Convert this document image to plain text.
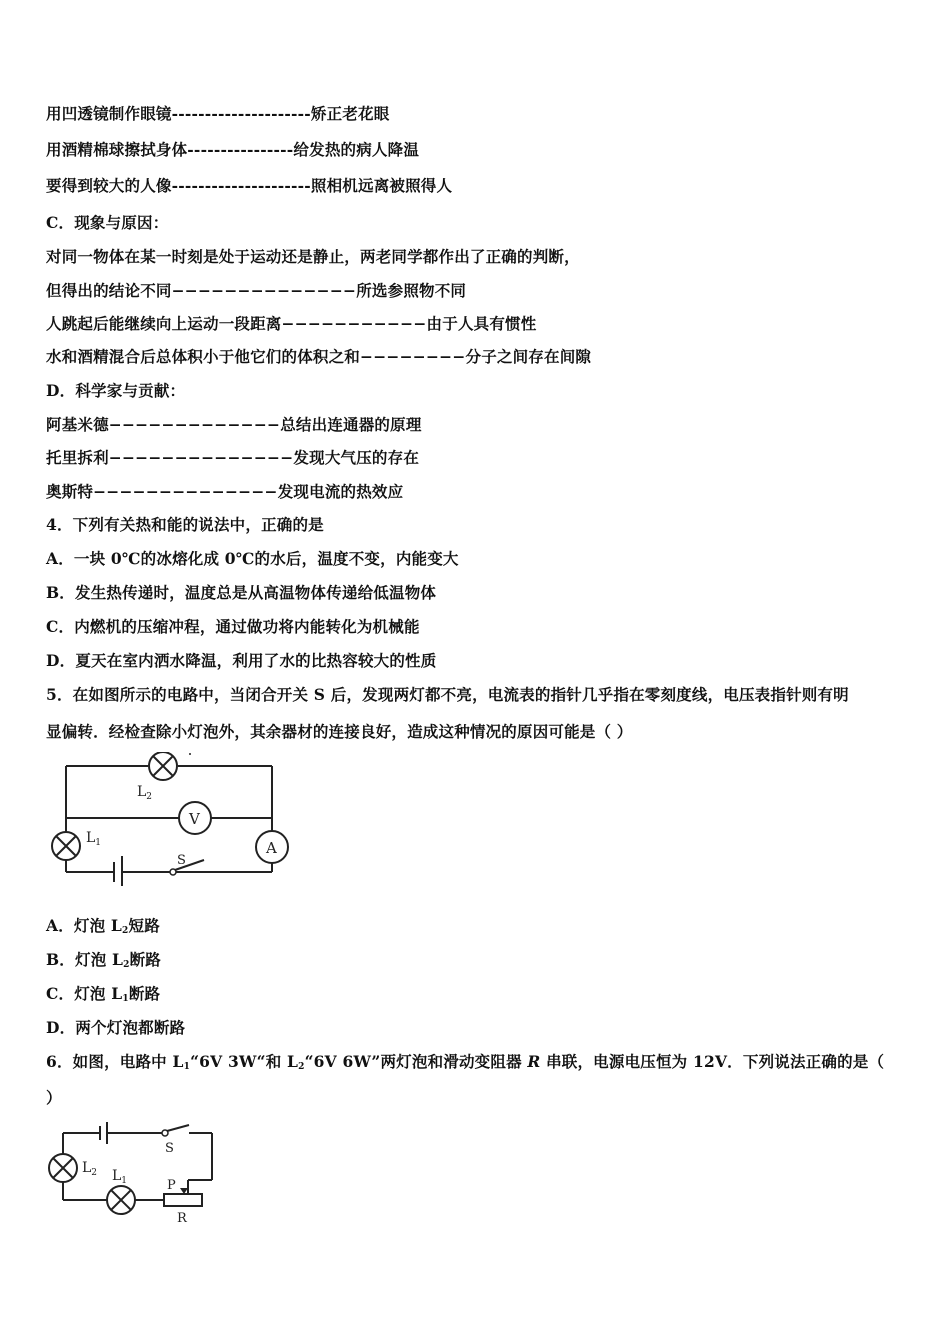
用凹透镜制作眼镜---------------------矫正老花眼
用酒精棉球擦拭身体----------------给发热的病人降温
要得到较大的人像---------------------照相机远离被照得人
C．现象与原因：
对同一物体在某一时刻是处于运动还是静止，两老同学都作出了正确的判断，
但得出的结论不同−−−−−−−−−−−−−−所选参照物不同
人跳起后能继续向上运动一段距离−−−−−−−−−−−由于人具有惯性
水和酒精混合后总体积小于他它们的体积之和−−−−−−−−分子之间存在间隙
D．科学家与贡献：
阿基米德−−−−−−−−−−−−−总结出连通器的原理
托里拆利−−−−−−−−−−−−−−发现大气压的存在
奥斯特−−−−−−−−−−−−−−发现电流的热效应
4．下列有关热和能的说法中，正确的是
A．一块 0℃的冰熔化成 0℃的水后，温度不变，内能变大
B．发生热传递时，温度总是从高温物体传递给低温物体
C．内燃机的压缩冲程，通过做功将内能转化为机械能
D．夏天在室内洒水降温，利用了水的比热容较大的性质
5．在如图所示的电路中，当闭合开关 S 后，发现两灯都不亮，电流表的指针几乎指在零刻度线，电压表指针则有明
显偏转．经检查除小灯泡外，其余器材的连接良好，造成这种情况的原因可能是（ ）
$L_2$
V
$L_1$	A
S
A．灯泡 $L_2$短路
B．灯泡 $L_2$断路
C．灯泡 $L_1$断路
D．两个灯泡都断路
6．如图，电路中 $L_1“6V$ 3W“和 $L_2“6V$ 6W”两灯泡和滑动变阻器 R 串联，电源电压恒为 12V．下列说法正确的是（
）
S
$L_2$ $L_1$	P
R
